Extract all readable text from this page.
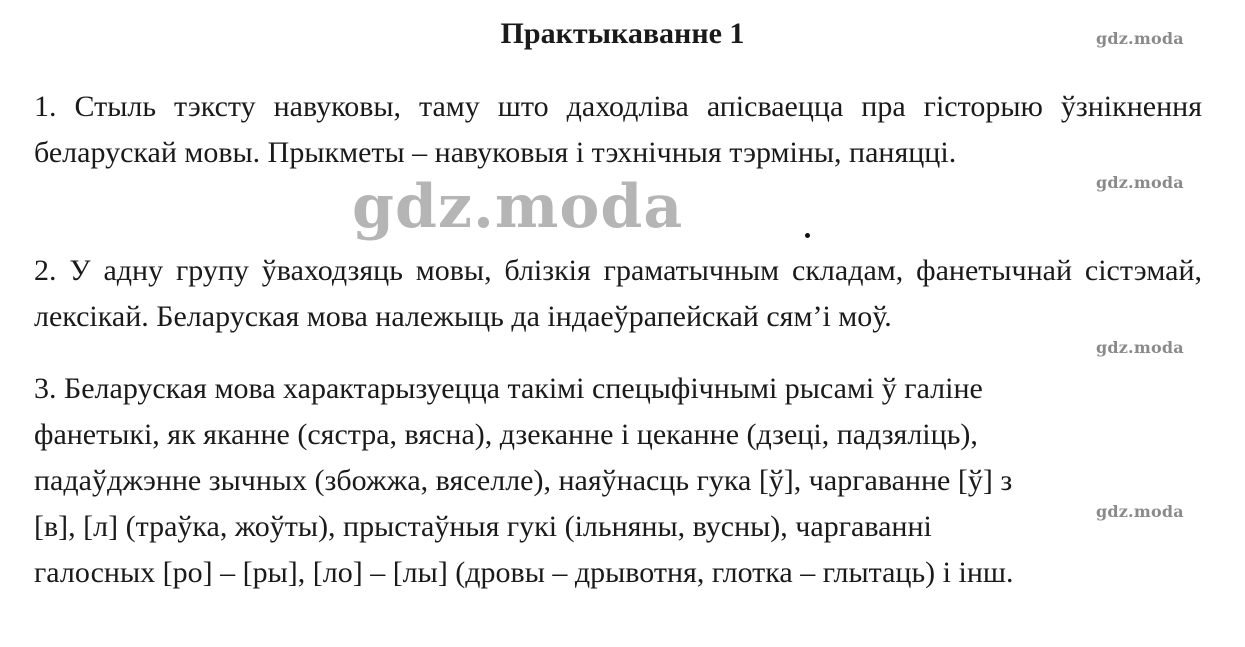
Практыкаванне 1	gdz.moda

1. Стыль тэксту навуковы, таму што даходліва апісваецца пра гісторыю ўзнікнення беларускай мовы. Прыкметы – навуковыя і тэхнічныя тэрміны, паняцці.

gdz.moda
gdz.moda

2. У адну групу ўваходзяць мовы, блізкія граматычным складам, фанетычнай сістэмай, лексікай. Беларуская мова належыць да індаеўрапейскай сям’і моў.

gdz.moda
3. Беларуская мова характарызуецца такімі спецыфічнымі рысамі ў галіне
фанетыкі, як яканне (сястра, вясна), дзеканне і цеканне (дзеці, падзяліць),
падаўджэнне зычных (збожжа, вяселле), наяўнасць гука [ў], чаргаванне [ў] з
[в], [л] (траўка, жоўты), прыстаўныя гукі (ільняны, вусны), чаргаванні
галосных [ро] – [ры], [ло] – [лы] (дровы – дрывотня, глотка – глытаць) і інш.
gdz.moda
